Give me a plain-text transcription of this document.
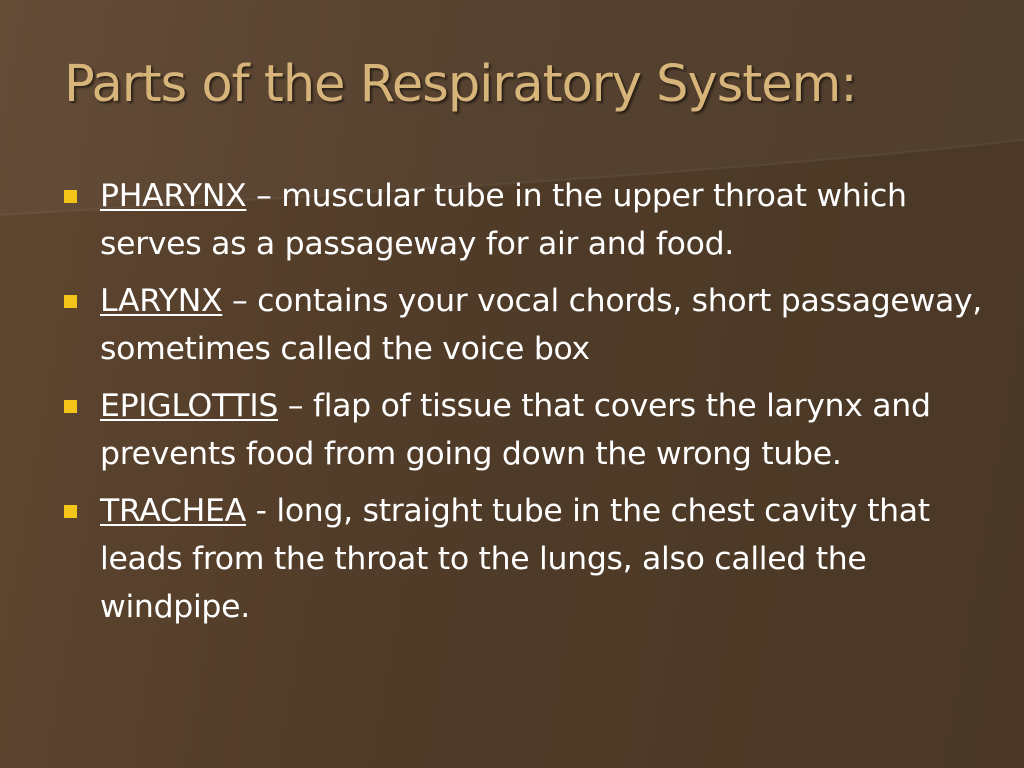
Parts of the Respiratory System:
PHARYNX – muscular tube in the upper throat which serves as a passageway for air and food.
LARYNX – contains your vocal chords, short passageway, sometimes called the voice box
EPIGLOTTIS – flap of tissue that covers the larynx and prevents food from going down the wrong tube.
TRACHEA - long, straight tube in the chest cavity that leads from the throat to the lungs, also called the windpipe.
